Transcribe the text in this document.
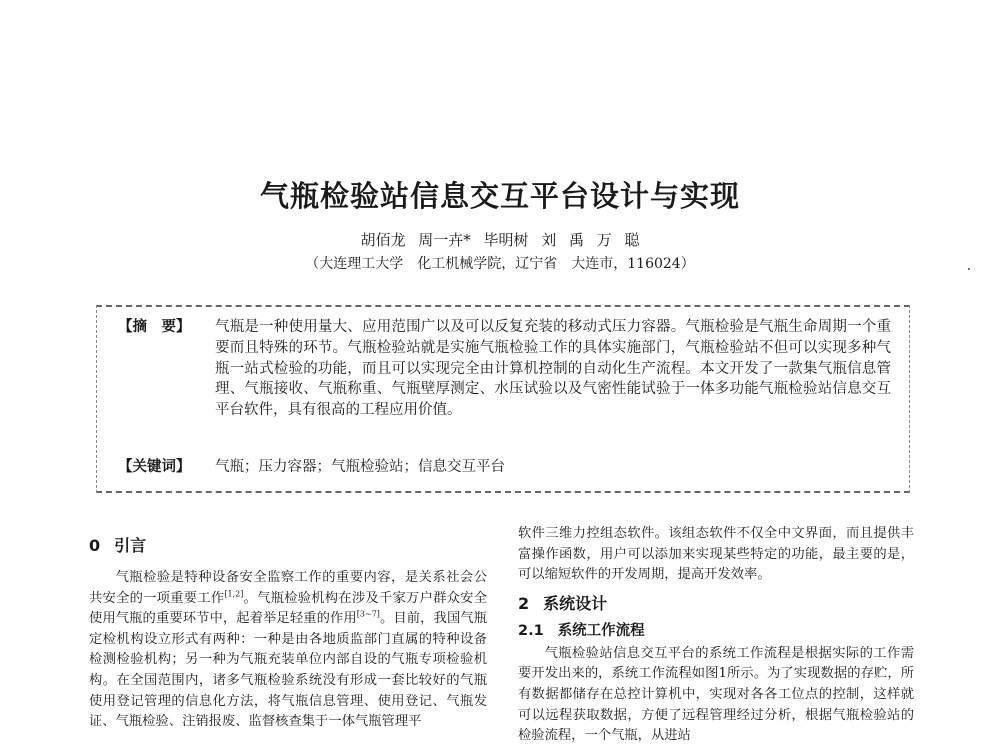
气瓶检验站信息交互平台设计与实现
胡佰龙 周一卉* 毕明树 刘 禹 万 聪
（大连理工大学　化工机械学院，辽宁省　大连市，116024）
【摘　要】	气瓶是一种使用量大、应用范围广以及可以反复充装的移动式压力容器。气瓶检验是气瓶生命周期一个重要而且特殊的环节。气瓶检验站就是实施气瓶检验工作的具体实施部门，气瓶检验站不但可以实现多种气瓶一站式检验的功能，而且可以实现完全由计算机控制的自动化生产流程。本文开发了一款集气瓶信息管理、气瓶接收、气瓶称重、气瓶壁厚测定、水压试验以及气密性能试验于一体多功能气瓶检验站信息交互平台软件，具有很高的工程应用价值。
【关键词】	气瓶；压力容器；气瓶检验站；信息交互平台
0 引言

气瓶检验是特种设备安全监察工作的重要内容，是关系社会公共安全的一项重要工作[1,2]。气瓶检验机构在涉及千家万户群众安全使用气瓶的重要环节中，起着举足轻重的作用[3~7]。目前，我国气瓶定检机构设立形式有两种：一种是由各地质监部门直属的特种设备检测检验机构；另一种为气瓶充装单位内部自设的气瓶专项检验机构。在全国范围内，诸多气瓶检验系统没有形成一套比较好的气瓶使用登记管理的信息化方法，将气瓶信息管理、使用登记、气瓶发证、气瓶检验、注销报废、监督核查集于一体气瓶管理平

软件三维力控组态软件。该组态软件不仅全中文界面，而且提供丰富操作函数，用户可以添加来实现某些特定的功能，最主要的是，可以缩短软件的开发周期，提高开发效率。

2 系统设计
2.1 系统工作流程

气瓶检验站信息交互平台的系统工作流程是根据实际的工作需要开发出来的，系统工作流程如图1所示。为了实现数据的存贮，所有数据都储存在总控计算机中，实现对各各工位点的控制，这样就可以远程获取数据，方便了远程管理经过分析，根据气瓶检验站的检验流程，一个气瓶，从进站
